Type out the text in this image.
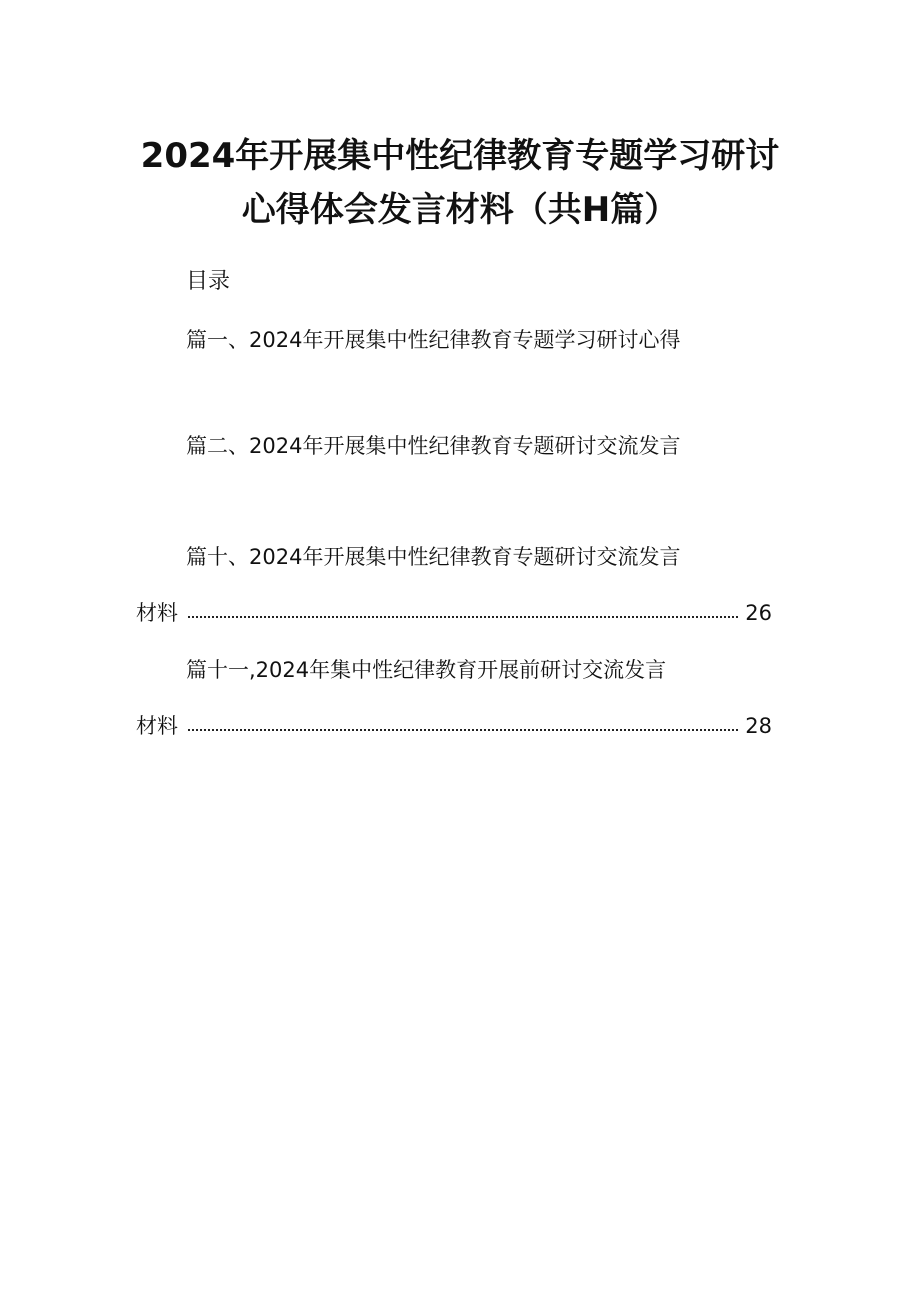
2024年开展集中性纪律教育专题学习研讨
心得体会发言材料（共H篇）
目录
篇一、2024年开展集中性纪律教育专题学习研讨心得
篇二、2024年开展集中性纪律教育专题研讨交流发言
篇十、2024年开展集中性纪律教育专题研讨交流发言
材料	26
篇十一,2024年集中性纪律教育开展前研讨交流发言
材料	28
